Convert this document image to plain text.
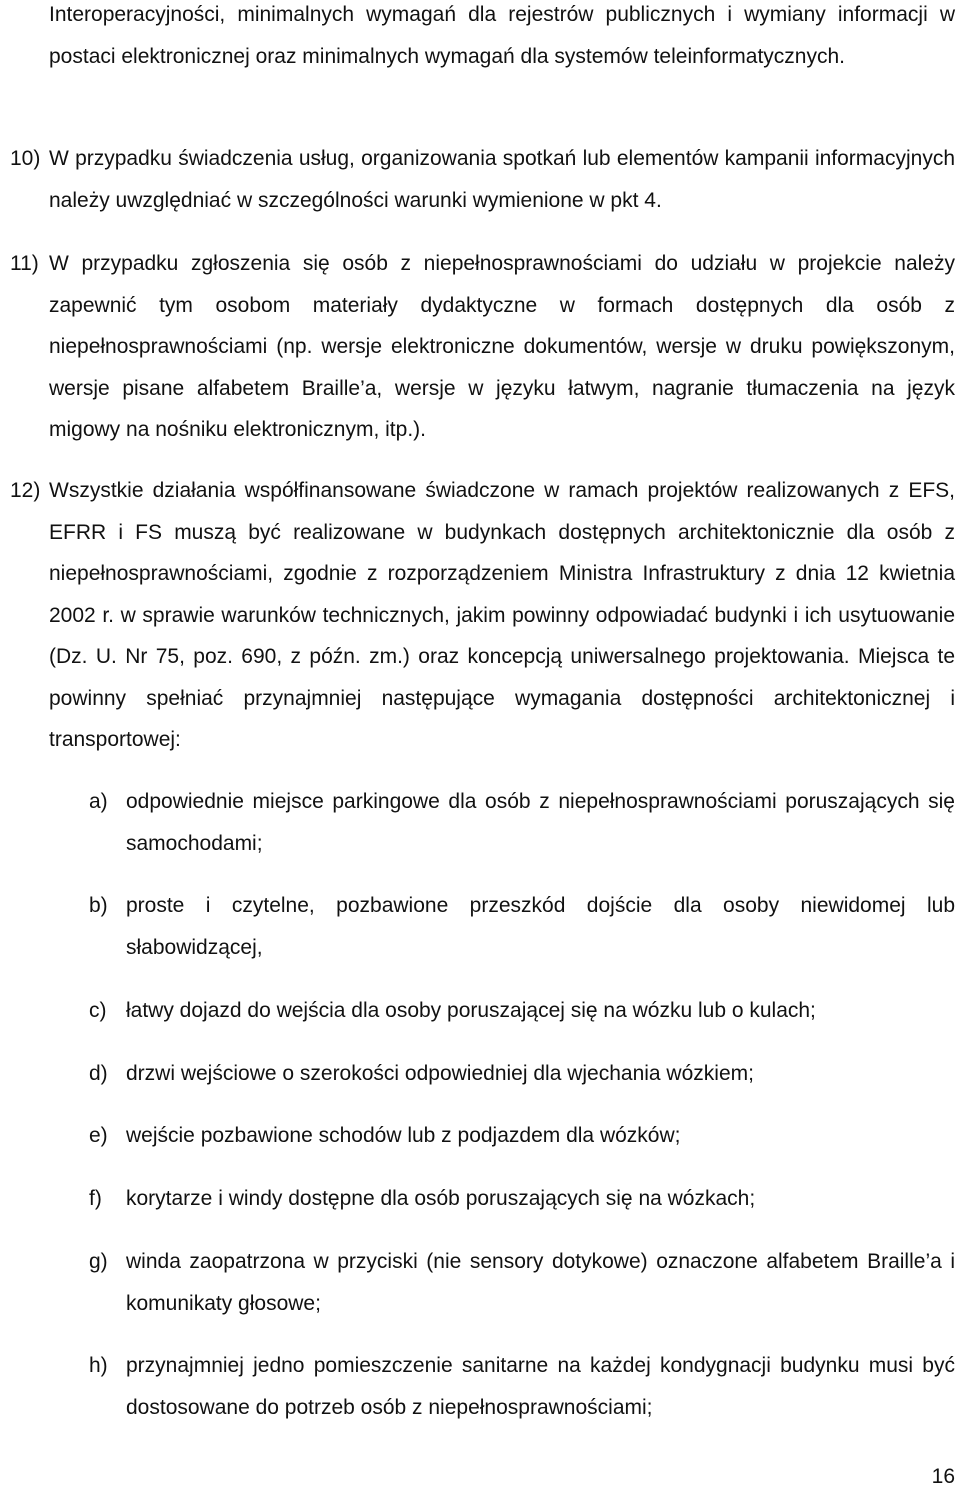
Interoperacyjności, minimalnych wymagań dla rejestrów publicznych i wymiany informacji w postaci elektronicznej oraz minimalnych wymagań dla systemów teleinformatycznych.
10) W przypadku świadczenia usług, organizowania spotkań lub elementów kampanii informacyjnych należy uwzględniać w szczególności warunki wymienione w pkt 4.
11) W przypadku zgłoszenia się osób z niepełnosprawnościami do udziału w projekcie należy zapewnić tym osobom materiały dydaktyczne w formach dostępnych dla osób z niepełnosprawnościami (np. wersje elektroniczne dokumentów, wersje w druku powiększonym, wersje pisane alfabetem Braille’a, wersje w języku łatwym, nagranie tłumaczenia na język migowy na nośniku elektronicznym, itp.).
12) Wszystkie działania współfinansowane świadczone w ramach projektów realizowanych z EFS, EFRR i FS muszą być realizowane w budynkach dostępnych architektonicznie dla osób z niepełnosprawnościami, zgodnie z rozporządzeniem Ministra Infrastruktury z dnia 12 kwietnia 2002 r. w sprawie warunków technicznych, jakim powinny odpowiadać budynki i ich usytuowanie (Dz. U. Nr 75, poz. 690, z późn. zm.) oraz koncepcją uniwersalnego projektowania. Miejsca te powinny spełniać przynajmniej następujące wymagania dostępności architektonicznej i transportowej:
a) odpowiednie miejsce parkingowe dla osób z niepełnosprawnościami poruszających się samochodami;
b) proste i czytelne, pozbawione przeszkód dojście dla osoby niewidomej lub słabowidzącej,
c) łatwy dojazd do wejścia dla osoby poruszającej się na wózku lub o kulach;
d) drzwi wejściowe o szerokości odpowiedniej dla wjechania wózkiem;
e) wejście pozbawione schodów lub z podjazdem dla wózków;
f)	korytarze i windy dostępne dla osób poruszających się na wózkach;
g) winda zaopatrzona w przyciski (nie sensory dotykowe) oznaczone alfabetem Braille’a i komunikaty głosowe;
h) przynajmniej jedno pomieszczenie sanitarne na każdej kondygnacji budynku musi być dostosowane do potrzeb osób z niepełnosprawnościami;
16
